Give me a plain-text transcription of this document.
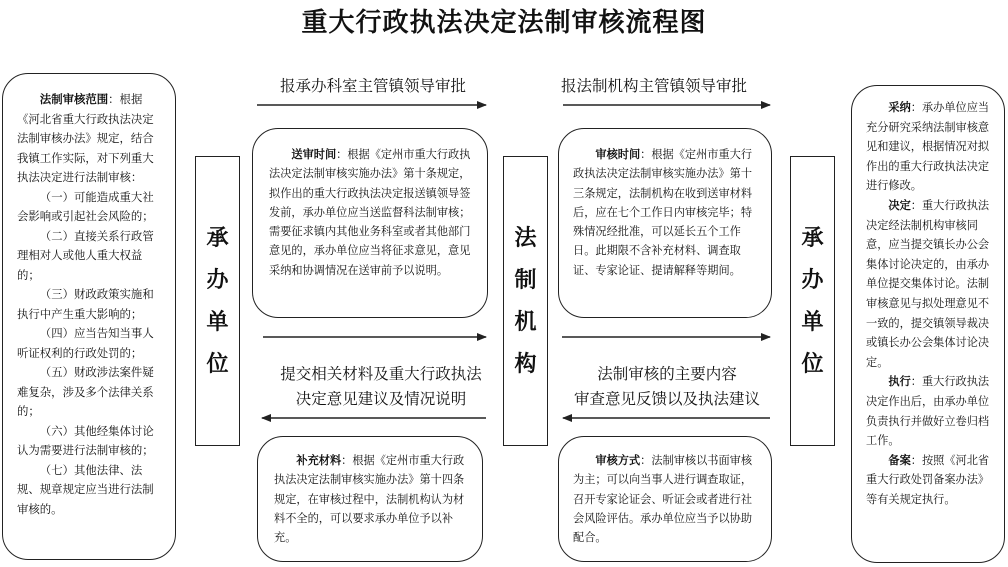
重大行政执法决定法制审核流程图

法制审核范围：根据《河北省重大行政执法决定法制审核办法》规定，结合我镇工作实际，对下列重大执法决定进行法制审核：

（一）可能造成重大社会影响或引起社会风险的；

（二）直接关系行政管理相对人或他人重大权益的；

（三）财政政策实施和执行中产生重大影响的；

（四）应当告知当事人听证权利的行政处罚的；

（五）财政涉法案件疑难复杂，涉及多个法律关系的；

（六）其他经集体讨论认为需要进行法制审核的；

（七）其他法律、法规、规章规定应当进行法制审核的。

承
办
单
位
法
制
机
构
承
办
单
位
报承办科室主管镇领导审批	报法制机构主管镇领导审批
提交相关材料及重大行政执法
决定意见建议及情况说明
法制审核的主要内容
审查意见反馈以及执法建议

送审时间：根据《定州市重大行政执法决定法制审核实施办法》第十条规定，拟作出的重大行政执法决定报送镇领导签发前，承办单位应当送监督科法制审核；需要征求镇内其他业务科室或者其他部门意见的，承办单位应当将征求意见，意见采纳和协调情况在送审前予以说明。

审核时间：根据《定州市重大行政执法决定法制审核实施办法》第十三条规定，法制机构在收到送审材料后，应在七个工作日内审核完毕；特殊情况经批准，可以延长五个工作日。此期限不含补充材料、调查取证、专家论证、提请解释等期间。

补充材料：根据《定州市重大行政执法决定法制审核实施办法》第十四条规定，在审核过程中，法制机构认为材料不全的，可以要求承办单位予以补充。

审核方式：法制审核以书面审核为主；可以向当事人进行调查取证，召开专家论证会、听证会或者进行社会风险评估。承办单位应当予以协助配合。

采纳：承办单位应当充分研究采纳法制审核意见和建议，根据情况对拟作出的重大行政执法决定进行修改。

决定：重大行政执法决定经法制机构审核同意，应当提交镇长办公会集体讨论决定的，由承办单位提交集体讨论。法制审核意见与拟处理意见不一致的，提交镇领导裁决或镇长办公会集体讨论决定。

执行：重大行政执法决定作出后，由承办单位负责执行并做好立卷归档工作。

备案：按照《河北省重大行政处罚备案办法》等有关规定执行。
